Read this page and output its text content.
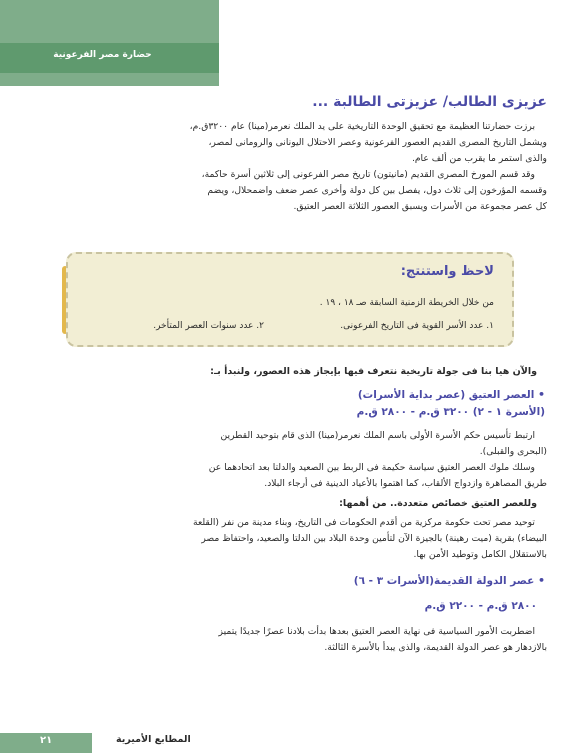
حضارة مصر الفرعونية
عزيزى الطالب/ عزيزتى الطالبة ...
برزت حضارتنا العظيمة مع تحقيق الوحدة التاريخية على يد الملك نعرمر(مينا) عام ٣٢٠٠ق.م،
ويشمل التاريخ المصرى القديم العصور الفرعونية وعصر الاحتلال اليونانى والرومانى لمصر،
والذى استمر ما يقرب من ألف عام.
وقد قسم المورخ المصرى القديم (مانيتون) تاريخ مصر الفرعونى إلى ثلاثين أسرة حاكمة،
وقسمه المؤرخون إلى ثلاث دول، يفصل بين كل دولة وأخرى عصر ضعف واضمحلال، ويضم
كل عصر مجموعة من الأسرات ويسبق العصور الثلاثة العصر العتيق.
لاحظ واستنتج:
من خلال الخريطة الزمنية السابقة صـ ١٨ ، ١٩ .
١. عدد الأسر القوية فى التاريخ الفرعونى.
٢. عدد سنوات العصر المتأخر.
والآن هيا بنا فى جولة تاريخية نتعرف فيها بإيجاز هذه العصور، ولنبدأ بـ:
• العصر العتيق (عصر بداية الأسرات)
(الأسرة ١ - ٢) ٣٢٠٠ ق.م - ٢٨٠٠ ق.م
ارتبط تأسيس حكم الأسرة الأولى باسم الملك نعرمر(مينا) الذى قام بتوحيد القطرين
(البحرى والقبلى).
وسلك ملوك العصر العتيق سياسة حكيمة فى الربط بين الصعيد والدلتا بعد اتحادهما عن
طريق المصاهرة وازدواج الألقاب، كما اهتموا بالأعياد الدينية فى أرجاء البلاد.
وللعصر العتيق خصائص متعددة.. من أهمها:
توحيد مصر تحت حكومة مركزية من أقدم الحكومات فى التاريخ، وبناء مدينة من نفر (القلعة
البيضاء) بقرية (ميت رهينة) بالجيزة الآن لتأمين وحدة البلاد بين الدلتا والصعيد، واحتفاظ مصر
بالاستقلال الكامل وتوطيد الأمن بها.
• عصر الدولة القديمة(الأسرات ٣ - ٦)
٢٨٠٠ ق.م - ٢٢٠٠ ق.م
اضطربت الأمور السياسية فى نهاية العصر العتيق بعدها بدأت بلادنا عصرًا جديدًا يتميز
بالازدهار هو عصر الدولة القديمة، والذى يبدأ بالأسرة الثالثة.
٢١	المطابع الأميرية
